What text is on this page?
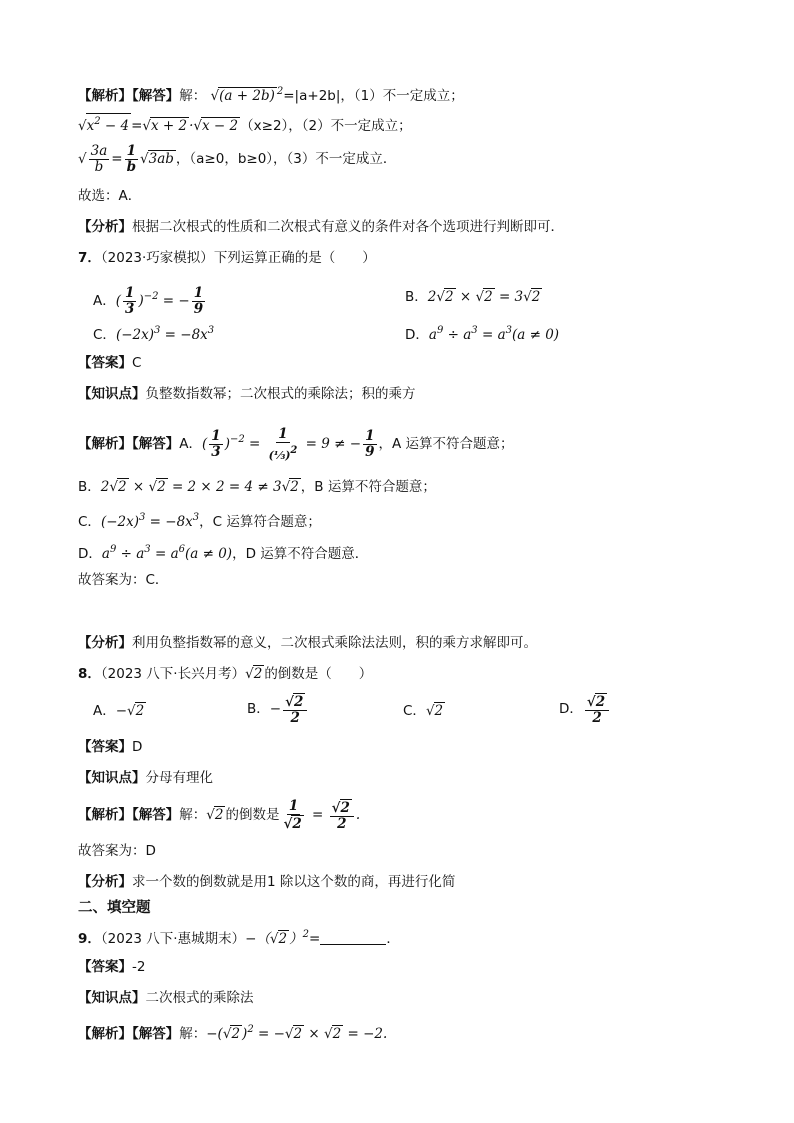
【解析】【解答】解： √(a + 2b) $^2$=|a+2b|，（1）不一定成立；
$√x^2 - 4 =√x + 2 \cdot√x - 2$ （x≥2），（2）不一定成立；
√ $\frac{3a}{b} = \frac{1}{b} √3ab$ ，（a≥0，b≥0），（3）不一定成立．
故选：A．
【分析】根据二次根式的性质和二次根式有意义的条件对各个选项进行判断即可．
7．（2023·巧家模拟）下列运算正确的是（　　）
A．( $\frac{1}{3} )^{-2}$ = − $\frac{1}{9}$	B．2√2 × √2 = 3√2
C．$(-2x)^3 = -8x^3$	D．$a^9 \div a^3 = a^3(a \ne 0)$
【答案】C
【知识点】负整数指数幂；二次根式的乘除法；积的乘方
【解析】【解答】A．( $\frac{1}{3} )^{-2} = \frac{1}{\text{(⅓)2}} = 9$ ≠ − $\frac{1}{9}$ ，A 运算不符合题意；
B．2√2 × √2 = 2 × 2 = 4 ≠ 3√2 ，B 运算不符合题意；
C．$(-2x)^3 = -8x^3$，C 运算符合题意；
D．$a^9 \div a^3 = a^6(a \ne 0)$，D 运算不符合题意．
故答案为：C．
【分析】利用负整指数幂的意义，二次根式乘除法法则，积的乘方求解即可。
8．（2023 八下·长兴月考）√2 的倒数是（　　）
A．−√2	B．− $\frac{√2}{2}$	C．√2	D． $\frac{√2}{2}$
【答案】D
【知识点】分母有理化
【解析】【解答】解：√2 的倒数是 $\frac{1}{√2} = \frac{√2}{2}$ .
故答案为：D
【分析】求一个数的倒数就是用1 除以这个数的商，再进行化简
二、填空题
9．（2023 八下·惠城期末）−（√2 ）$^2$=	．
【答案】-2
【知识点】二次根式的乘除法
【解析】【解答】解：−(√2 )$^2$ = −√2 × √2 = −2.
